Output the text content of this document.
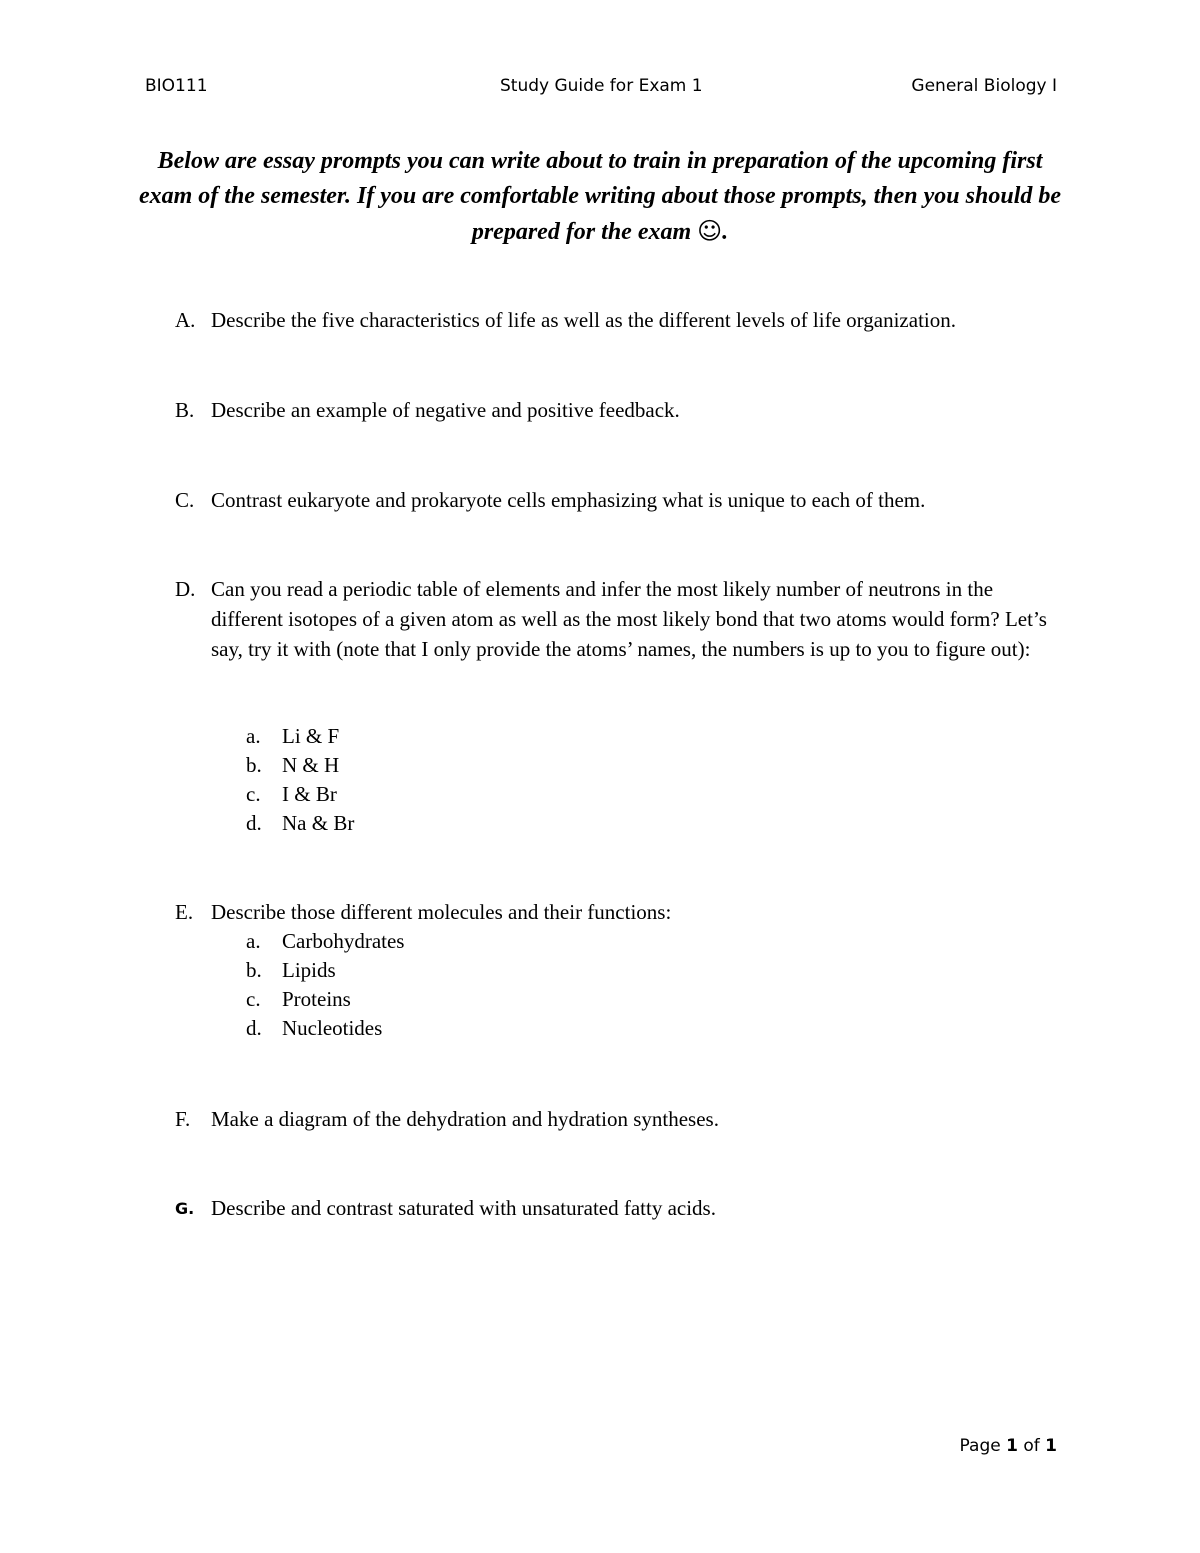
BIO111	Study Guide for Exam 1	General Biology I
Below are essay prompts you can write about to train in preparation of the upcoming first exam of the semester. If you are comfortable writing about those prompts, then you should be prepared for the exam ☺.
A. Describe the five characteristics of life as well as the different levels of life organization.
B. Describe an example of negative and positive feedback.
C. Contrast eukaryote and prokaryote cells emphasizing what is unique to each of them.
D. Can you read a periodic table of elements and infer the most likely number of neutrons in the different isotopes of a given atom as well as the most likely bond that two atoms would form? Let’s say, try it with (note that I only provide the atoms’ names, the numbers is up to you to figure out):
a. Li & F
b. N & H
c. I & Br
d. Na & Br
E. Describe those different molecules and their functions:
a. Carbohydrates
b. Lipids
c. Proteins
d. Nucleotides
F. Make a diagram of the dehydration and hydration syntheses.
G. Describe and contrast saturated with unsaturated fatty acids.
Page 1 of 1
